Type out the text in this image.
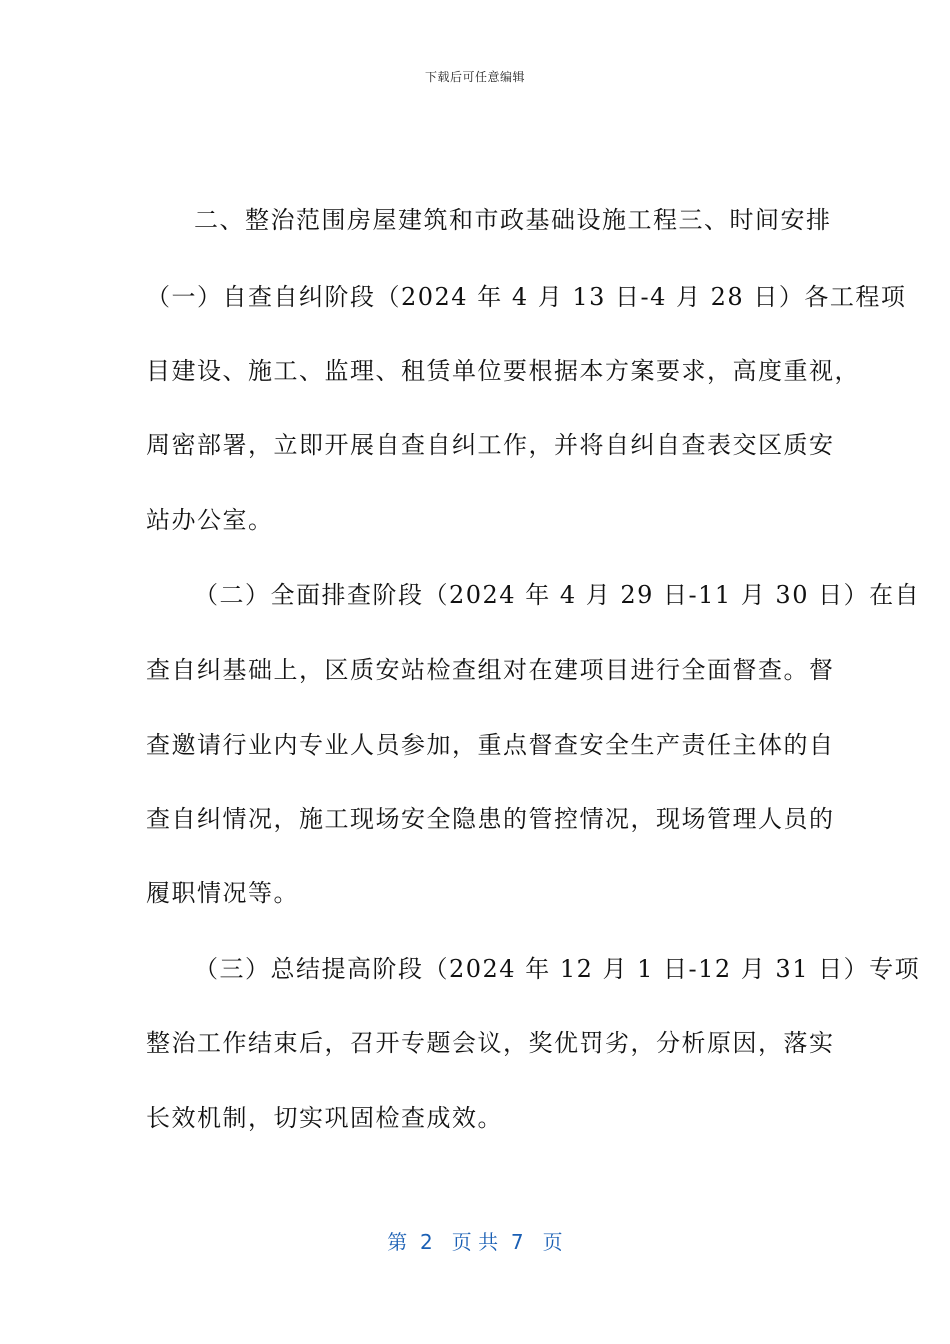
下载后可任意编辑
二、整治范围房屋建筑和市政基础设施工程三、时间安排
（一）自查自纠阶段（2024 年 4 月 13 日-4 月 28 日）各工程项
目建设、施工、监理、租赁单位要根据本方案要求，高度重视，
周密部署，立即开展自查自纠工作，并将自纠自查表交区质安
站办公室。
（二）全面排查阶段（2024 年 4 月 29 日-11 月 30 日）在自
查自纠基础上，区质安站检查组对在建项目进行全面督查。督
查邀请行业内专业人员参加，重点督查安全生产责任主体的自
查自纠情况，施工现场安全隐患的管控情况，现场管理人员的
履职情况等。
（三）总结提高阶段（2024 年 12 月 1 日-12 月 31 日）专项
整治工作结束后，召开专题会议，奖优罚劣，分析原因，落实
长效机制，切实巩固检查成效。
第  2   页 共  7   页
